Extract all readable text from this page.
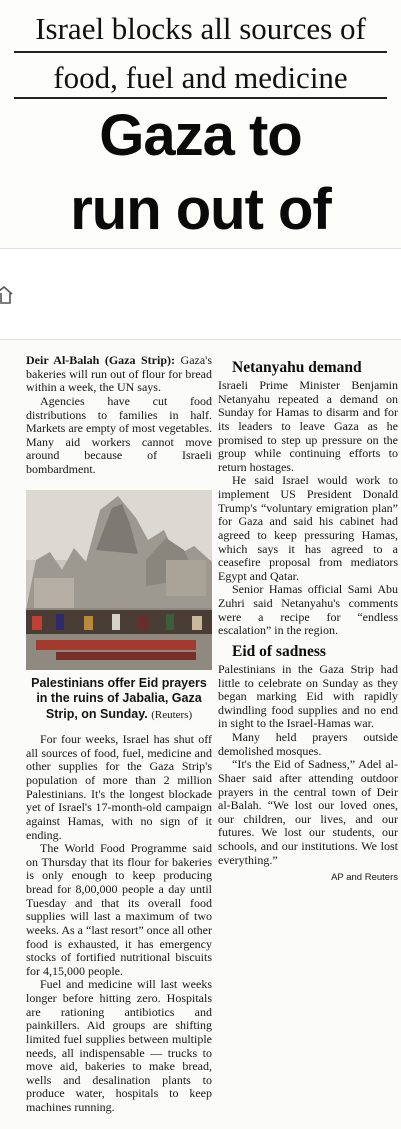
Israel blocks all sources of
food, fuel and medicine
Gaza to
run out of

Deir Al-Balah (Gaza Strip): Gaza's bakeries will run out of flour for bread within a week, the UN says.

Agencies have cut food distributions to families in half. Markets are empty of most vegetables. Many aid workers cannot move around because of Israeli bombardment.

Palestinians offer Eid prayers in the ruins of Jabalia, Gaza Strip, on Sunday. (Reuters)

For four weeks, Israel has shut off all sources of food, fuel, medicine and other supplies for the Gaza Strip's population of more than 2 million Palestinians. It's the longest blockade yet of Israel's 17-month-old campaign against Hamas, with no sign of it ending.

The World Food Programme said on Thursday that its flour for bakeries is only enough to keep producing bread for 8,00,000 people a day until Tuesday and that its overall food supplies will last a maximum of two weeks. As a “last resort” once all other food is exhausted, it has emergency stocks of fortified nutritional biscuits for 4,15,000 people.

Fuel and medicine will last weeks longer before hitting zero. Hospitals are rationing antibiotics and painkillers. Aid groups are shifting limited fuel supplies between multiple needs, all indispensable — trucks to move aid, bakeries to make bread, wells and desalination plants to produce water, hospitals to keep machines running.

Netanyahu demand

Israeli Prime Minister Benjamin Netanyahu repeated a demand on Sunday for Hamas to disarm and for its leaders to leave Gaza as he promised to step up pressure on the group while continuing efforts to return hostages.

He said Israel would work to implement US President Donald Trump's “voluntary emigration plan” for Gaza and said his cabinet had agreed to keep pressuring Hamas, which says it has agreed to a ceasefire proposal from mediators Egypt and Qatar.

Senior Hamas official Sami Abu Zuhri said Netanyahu's comments were a recipe for “endless escalation” in the region.

Eid of sadness

Palestinians in the Gaza Strip had little to celebrate on Sunday as they began marking Eid with rapidly dwindling food supplies and no end in sight to the Israel-Hamas war.

Many held prayers outside demolished mosques.

“It's the Eid of Sadness,” Adel al-Shaer said after attending outdoor prayers in the central town of Deir al-Balah. “We lost our loved ones, our children, our lives, and our futures. We lost our students, our schools, and our institutions. We lost everything.”

AP and Reuters
